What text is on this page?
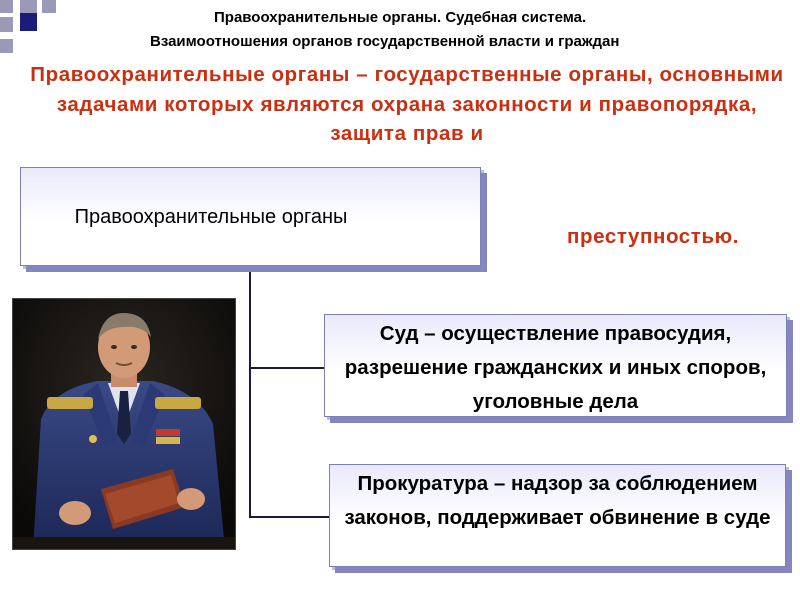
Правоохранительные органы. Судебная система.
Взаимоотношения органов государственной власти и граждан
Правоохранительные органы – государственные органы, основными задачами которых являются охрана законности и правопорядка, защита прав и
преступностью.
Правоохранительные органы
Суд – осуществление правосудия, разрешение гражданских и иных споров, уголовные дела
Прокуратура – надзор за соблюдением законов, поддерживает обвинение в суде
